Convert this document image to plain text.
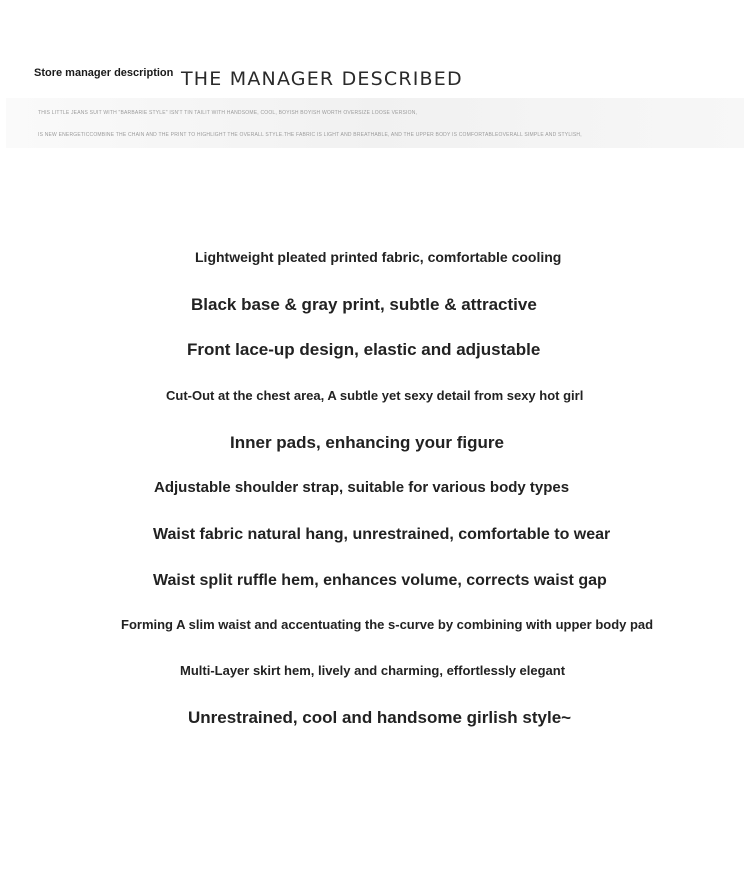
Store manager description THE MANAGER DESCRIBED
THIS LITTLE JEANS SUIT WITH "BARBARIE STYLE" ISN'T TIN TAILIT WITH HANDSOME, COOL, BOYISH BOYISH WORTH OVERSIZE LOOSE VERSION,
IS NEW ENERGETICCOMBINE THE CHAIN AND THE PRINT TO HIGHLIGHT THE OVERALL STYLE.THE FABRIC IS LIGHT AND BREATHABLE, AND THE UPPER BODY IS COMFORTABLEOVERALL SIMPLE AND STYLISH,
Lightweight pleated printed fabric, comfortable cooling
Black base & gray print, subtle & attractive
Front lace-up design, elastic and adjustable
Cut-Out at the chest area, A subtle yet sexy detail from sexy hot girl
Inner pads, enhancing your figure
Adjustable shoulder strap, suitable for various body types
Waist fabric natural hang, unrestrained, comfortable to wear
Waist split ruffle hem, enhances volume, corrects waist gap
Forming A slim waist and accentuating the s-curve by combining with upper body pad
Multi-Layer skirt hem, lively and charming, effortlessly elegant
Unrestrained, cool and handsome girlish style~
